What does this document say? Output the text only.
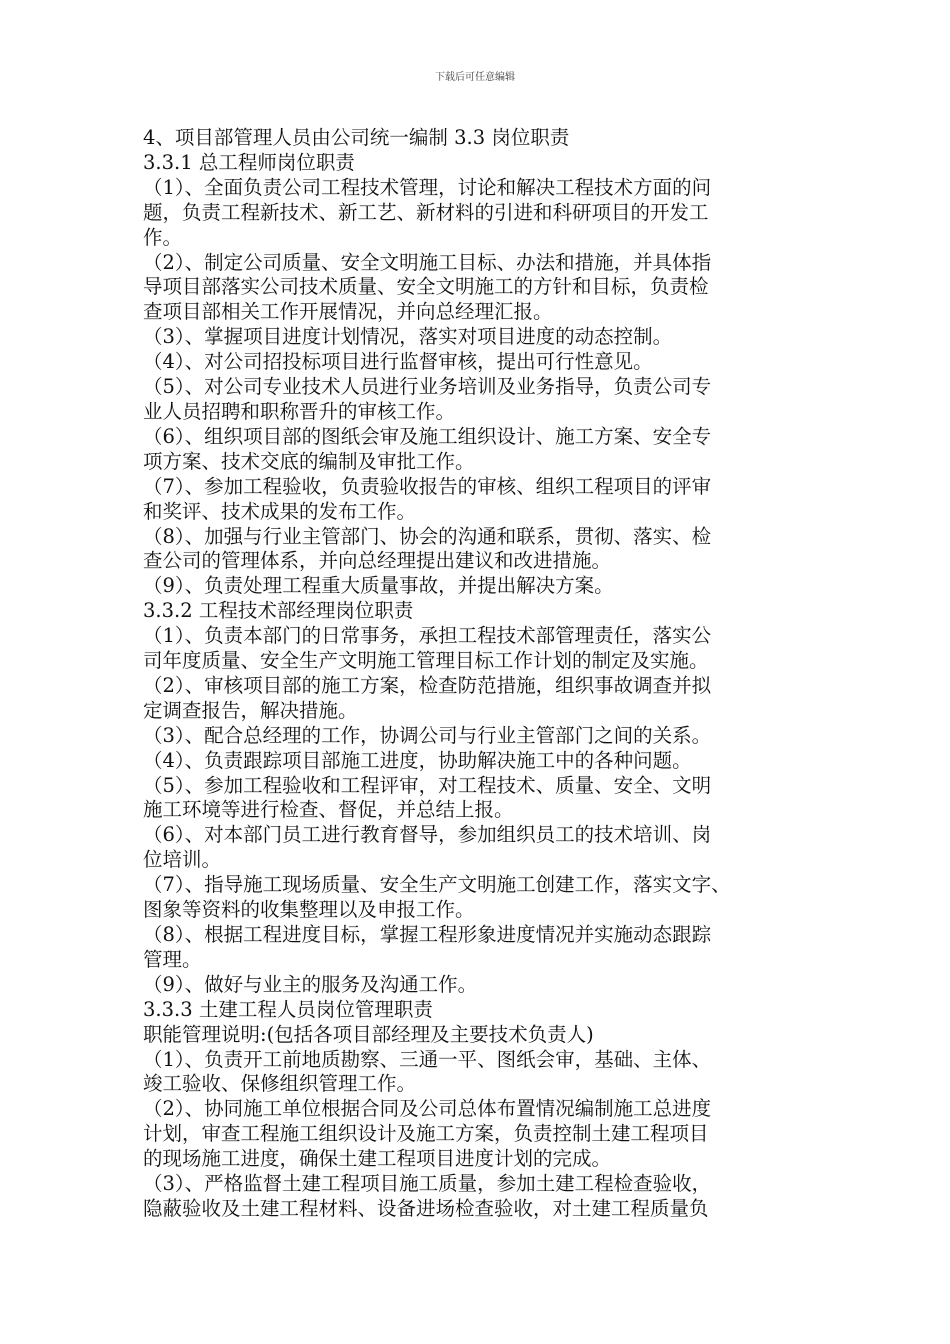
下载后可任意编辑

4、项目部管理人员由公司统一编制 3.3 岗位职责

3.3.1 总工程师岗位职责

（1）、全面负责公司工程技术管理，讨论和解决工程技术方面的问

题，负责工程新技术、新工艺、新材料的引进和科研项目的开发工

作。

（2）、制定公司质量、安全文明施工目标、办法和措施，并具体指

导项目部落实公司技术质量、安全文明施工的方针和目标，负责检

查项目部相关工作开展情况，并向总经理汇报。

（3）、掌握项目进度计划情况，落实对项目进度的动态控制。

（4）、对公司招投标项目进行监督审核，提出可行性意见。

（5）、对公司专业技术人员进行业务培训及业务指导，负责公司专

业人员招聘和职称晋升的审核工作。

（6）、组织项目部的图纸会审及施工组织设计、施工方案、安全专

项方案、技术交底的编制及审批工作。

（7）、参加工程验收，负责验收报告的审核、组织工程项目的评审

和奖评、技术成果的发布工作。

（8）、加强与行业主管部门、协会的沟通和联系，贯彻、落实、检

查公司的管理体系，并向总经理提出建议和改进措施。

（9）、负责处理工程重大质量事故，并提出解决方案。

3.3.2 工程技术部经理岗位职责

（1）、负责本部门的日常事务，承担工程技术部管理责任，落实公

司年度质量、安全生产文明施工管理目标工作计划的制定及实施。

（2）、审核项目部的施工方案，检查防范措施，组织事故调查并拟

定调查报告，解决措施。

（3）、配合总经理的工作，协调公司与行业主管部门之间的关系。

（4）、负责跟踪项目部施工进度，协助解决施工中的各种问题。

（5）、参加工程验收和工程评审，对工程技术、质量、安全、文明

施工环境等进行检查、督促，并总结上报。

（6）、对本部门员工进行教育督导，参加组织员工的技术培训、岗

位培训。

（7）、指导施工现场质量、安全生产文明施工创建工作，落实文字、

图象等资料的收集整理以及申报工作。

（8）、根据工程进度目标，掌握工程形象进度情况并实施动态跟踪

管理。

（9）、做好与业主的服务及沟通工作。

3.3.3 土建工程人员岗位管理职责

职能管理说明:(包括各项目部经理及主要技术负责人)

（1）、负责开工前地质勘察、三通一平、图纸会审，基础、主体、

竣工验收、保修组织管理工作。

（2）、协同施工单位根据合同及公司总体布置情况编制施工总进度

计划，审查工程施工组织设计及施工方案，负责控制土建工程项目

的现场施工进度，确保土建工程项目进度计划的完成。

（3）、严格监督土建工程项目施工质量，参加土建工程检查验收，

隐蔽验收及土建工程材料、设备进场检查验收，对土建工程质量负
